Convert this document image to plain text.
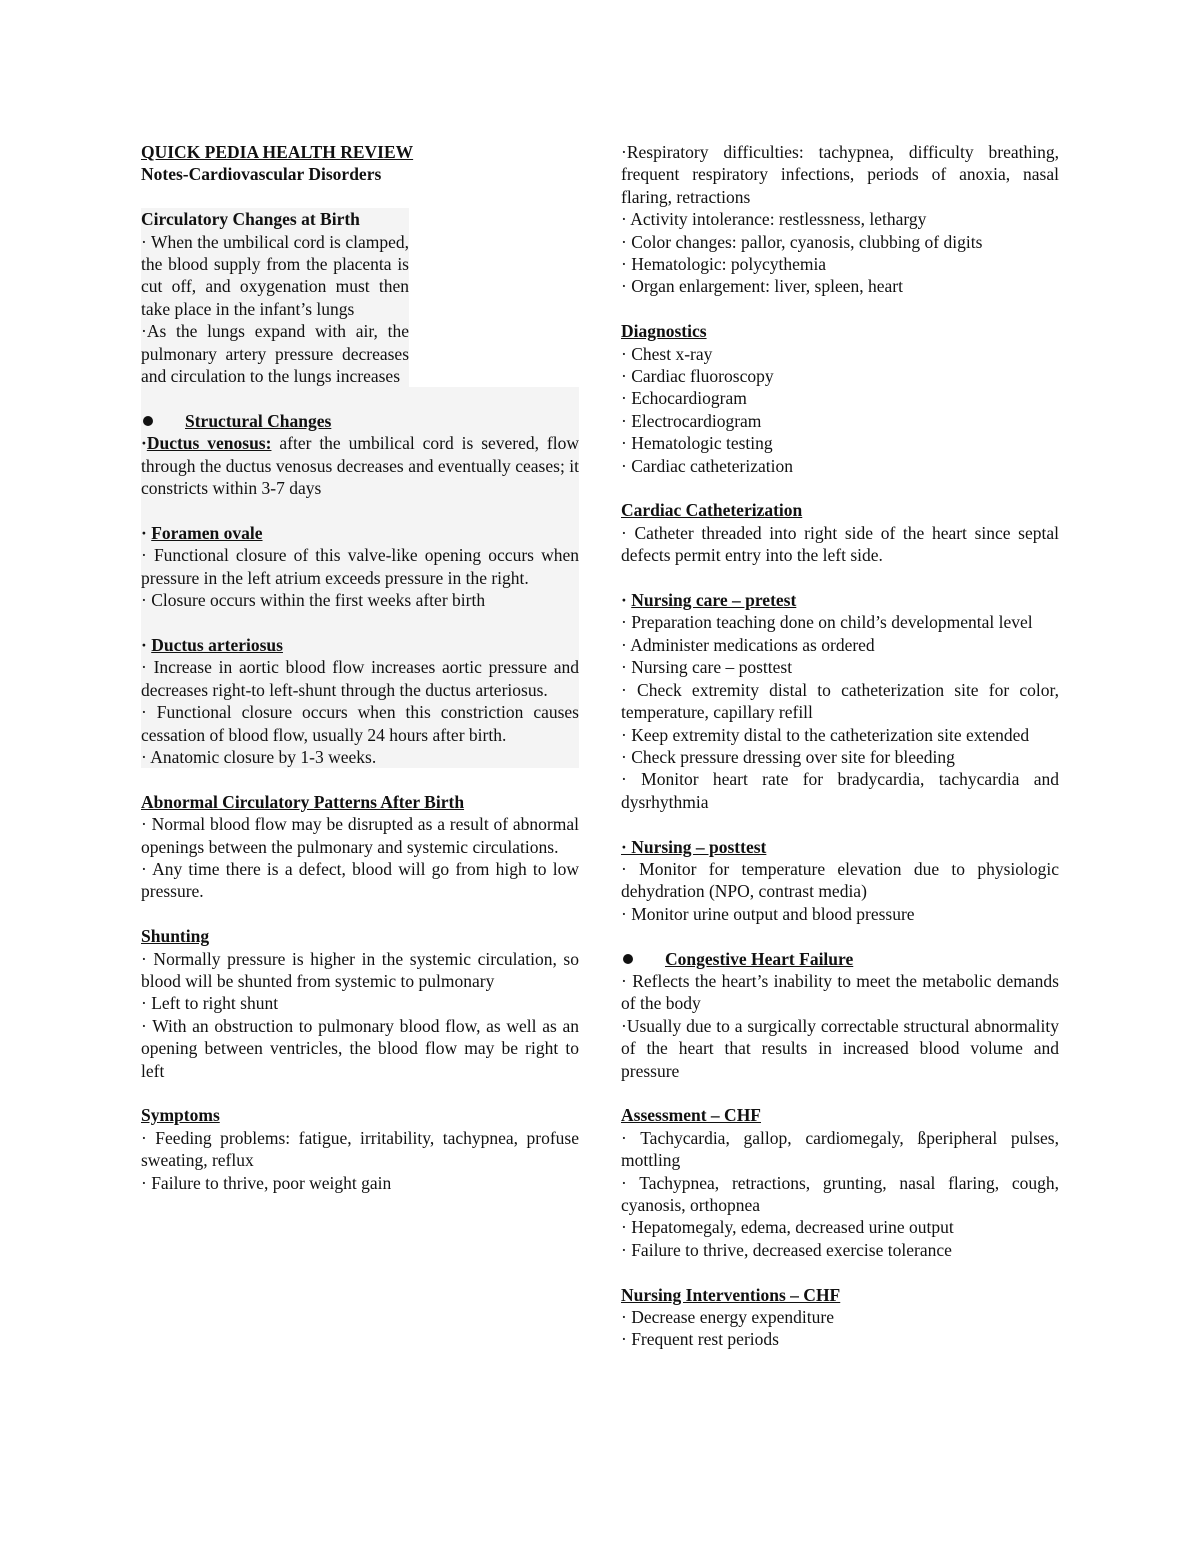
QUICK PEDIA HEALTH REVIEW

Notes-Cardiovascular Disorders

Circulatory Changes at Birth

· When the umbilical cord is clamped, the blood supply from the placenta is cut off, and oxygenation must then take place in the infant’s lungs

·As the lungs expand with air, the pulmonary artery pressure decreases and circulation to the lungs increases

Structural Changes

·Ductus venosus: after the umbilical cord is severed, flow through the ductus venosus decreases and eventually ceases; it constricts within 3-7 days

· Foramen ovale

· Functional closure of this valve-like opening occurs when pressure in the left atrium exceeds pressure in the right.

· Closure occurs within the first weeks after birth

· Ductus arteriosus

· Increase in aortic blood flow increases aortic pressure and decreases right-to left-shunt through the ductus arteriosus.

· Functional closure occurs when this constriction causes cessation of blood flow, usually 24 hours after birth.

· Anatomic closure by 1-3 weeks.

Abnormal Circulatory Patterns After Birth

· Normal blood flow may be disrupted as a result of abnormal openings between the pulmonary and systemic circulations.

· Any time there is a defect, blood will go from high to low pressure.

Shunting

· Normally pressure is higher in the systemic circulation, so blood will be shunted from systemic to pulmonary

· Left to right shunt

· With an obstruction to pulmonary blood flow, as well as an opening between ventricles, the blood flow may be right to left

Symptoms

· Feeding problems: fatigue, irritability, tachypnea, profuse sweating, reflux

· Failure to thrive, poor weight gain

·Respiratory difficulties: tachypnea, difficulty breathing, frequent respiratory infections, periods of anoxia, nasal flaring, retractions

· Activity intolerance: restlessness, lethargy

· Color changes: pallor, cyanosis, clubbing of digits

· Hematologic: polycythemia

· Organ enlargement: liver, spleen, heart

Diagnostics

· Chest x-ray

· Cardiac fluoroscopy

· Echocardiogram

· Electrocardiogram

· Hematologic testing

· Cardiac catheterization

Cardiac Catheterization

· Catheter threaded into right side of the heart since septal defects permit entry into the left side.

· Nursing care – pretest

· Preparation teaching done on child’s developmental level

· Administer medications as ordered

· Nursing care – posttest

· Check extremity distal to catheterization site for color, temperature, capillary refill

· Keep extremity distal to the catheterization site extended

· Check pressure dressing over site for bleeding

· Monitor heart rate for bradycardia, tachycardia and dysrhythmia

· Nursing – posttest

· Monitor for temperature elevation due to physiologic dehydration (NPO, contrast media)

· Monitor urine output and blood pressure

Congestive Heart Failure

· Reflects the heart’s inability to meet the metabolic demands of the body

·Usually due to a surgically correctable structural abnormality of the heart that results in increased blood volume and pressure

Assessment – CHF

· Tachycardia, gallop, cardiomegaly, ßperipheral pulses, mottling

· Tachypnea, retractions, grunting, nasal flaring, cough, cyanosis, orthopnea

· Hepatomegaly, edema, decreased urine output

· Failure to thrive, decreased exercise tolerance

Nursing Interventions – CHF

· Decrease energy expenditure

· Frequent rest periods
